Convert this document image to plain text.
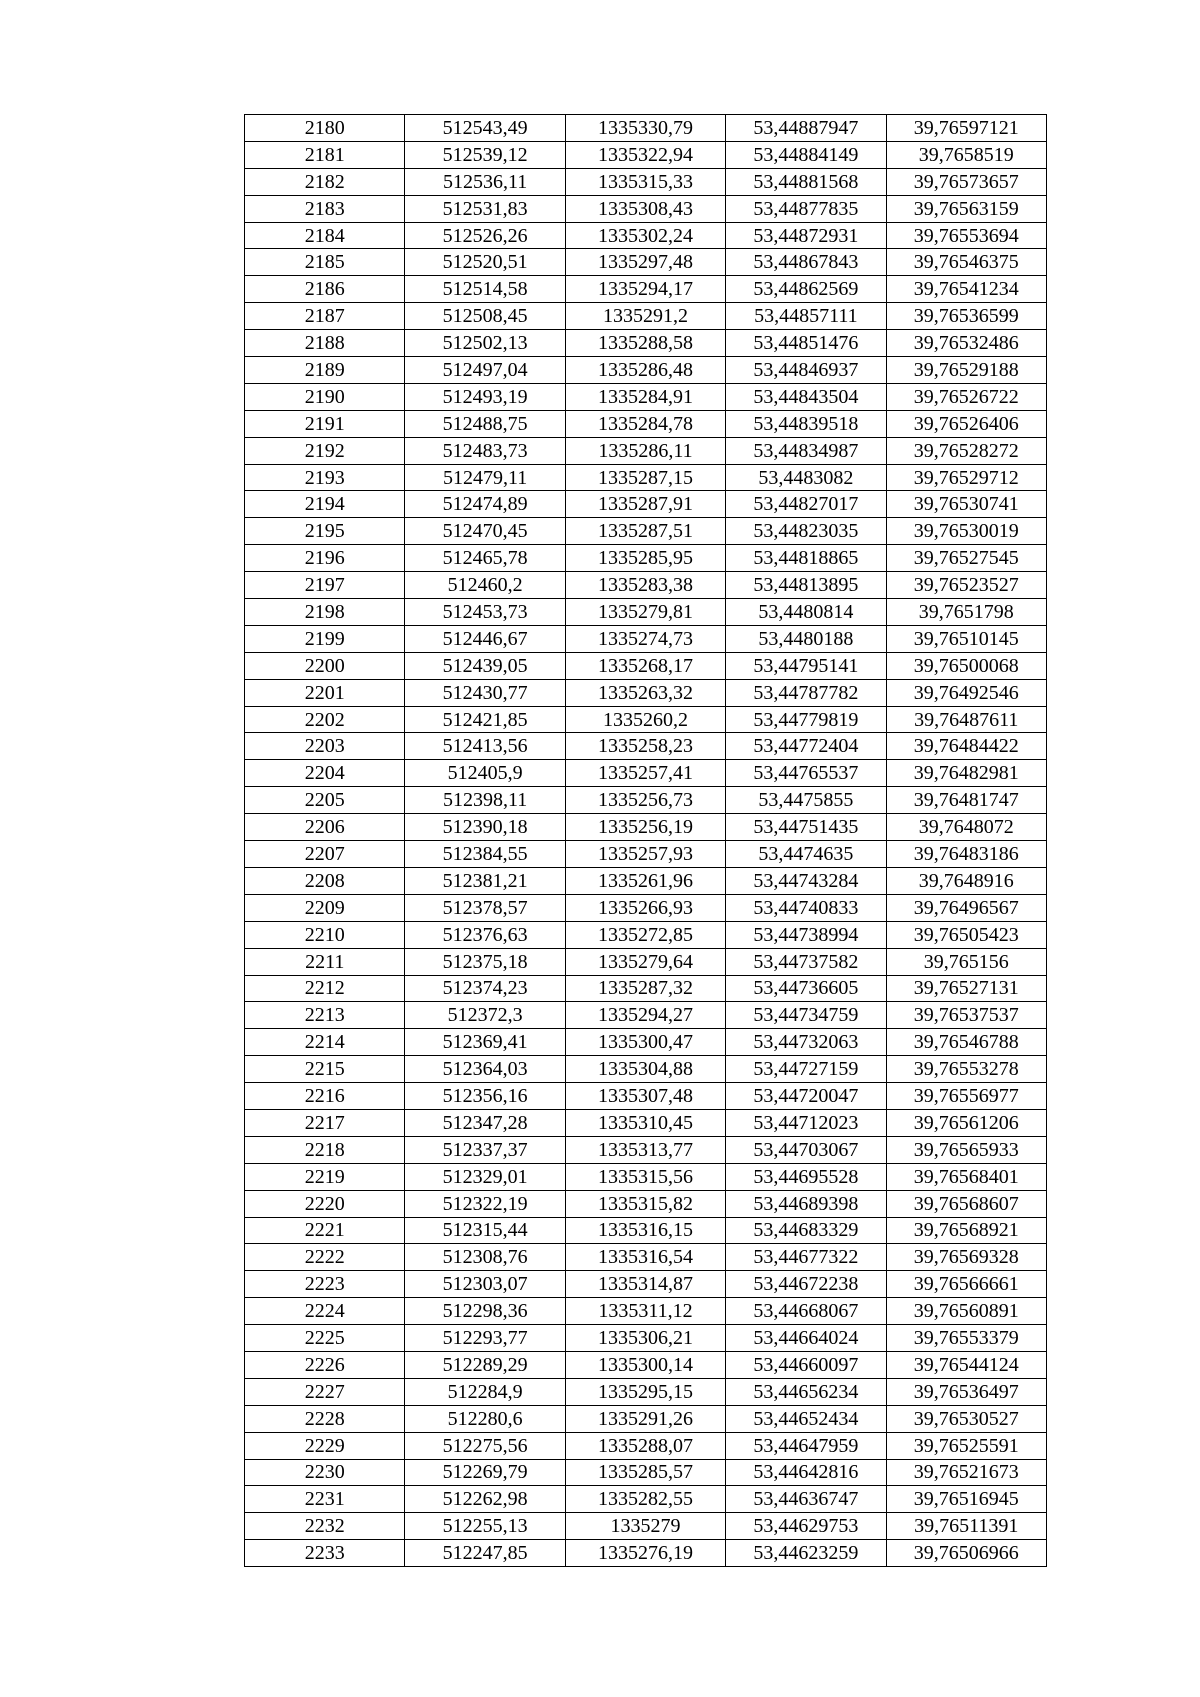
2180	512543,49	1335330,79	53,44887947	39,76597121
2181	512539,12	1335322,94	53,44884149	39,7658519
2182	512536,11	1335315,33	53,44881568	39,76573657
2183	512531,83	1335308,43	53,44877835	39,76563159
2184	512526,26	1335302,24	53,44872931	39,76553694
2185	512520,51	1335297,48	53,44867843	39,76546375
2186	512514,58	1335294,17	53,44862569	39,76541234
2187	512508,45	1335291,2	53,44857111	39,76536599
2188	512502,13	1335288,58	53,44851476	39,76532486
2189	512497,04	1335286,48	53,44846937	39,76529188
2190	512493,19	1335284,91	53,44843504	39,76526722
2191	512488,75	1335284,78	53,44839518	39,76526406
2192	512483,73	1335286,11	53,44834987	39,76528272
2193	512479,11	1335287,15	53,4483082	39,76529712
2194	512474,89	1335287,91	53,44827017	39,76530741
2195	512470,45	1335287,51	53,44823035	39,76530019
2196	512465,78	1335285,95	53,44818865	39,76527545
2197	512460,2	1335283,38	53,44813895	39,76523527
2198	512453,73	1335279,81	53,4480814	39,7651798
2199	512446,67	1335274,73	53,4480188	39,76510145
2200	512439,05	1335268,17	53,44795141	39,76500068
2201	512430,77	1335263,32	53,44787782	39,76492546
2202	512421,85	1335260,2	53,44779819	39,76487611
2203	512413,56	1335258,23	53,44772404	39,76484422
2204	512405,9	1335257,41	53,44765537	39,76482981
2205	512398,11	1335256,73	53,4475855	39,76481747
2206	512390,18	1335256,19	53,44751435	39,7648072
2207	512384,55	1335257,93	53,4474635	39,76483186
2208	512381,21	1335261,96	53,44743284	39,7648916
2209	512378,57	1335266,93	53,44740833	39,76496567
2210	512376,63	1335272,85	53,44738994	39,76505423
2211	512375,18	1335279,64	53,44737582	39,765156
2212	512374,23	1335287,32	53,44736605	39,76527131
2213	512372,3	1335294,27	53,44734759	39,76537537
2214	512369,41	1335300,47	53,44732063	39,76546788
2215	512364,03	1335304,88	53,44727159	39,76553278
2216	512356,16	1335307,48	53,44720047	39,76556977
2217	512347,28	1335310,45	53,44712023	39,76561206
2218	512337,37	1335313,77	53,44703067	39,76565933
2219	512329,01	1335315,56	53,44695528	39,76568401
2220	512322,19	1335315,82	53,44689398	39,76568607
2221	512315,44	1335316,15	53,44683329	39,76568921
2222	512308,76	1335316,54	53,44677322	39,76569328
2223	512303,07	1335314,87	53,44672238	39,76566661
2224	512298,36	1335311,12	53,44668067	39,76560891
2225	512293,77	1335306,21	53,44664024	39,76553379
2226	512289,29	1335300,14	53,44660097	39,76544124
2227	512284,9	1335295,15	53,44656234	39,76536497
2228	512280,6	1335291,26	53,44652434	39,76530527
2229	512275,56	1335288,07	53,44647959	39,76525591
2230	512269,79	1335285,57	53,44642816	39,76521673
2231	512262,98	1335282,55	53,44636747	39,76516945
2232	512255,13	1335279	53,44629753	39,76511391
2233	512247,85	1335276,19	53,44623259	39,76506966
